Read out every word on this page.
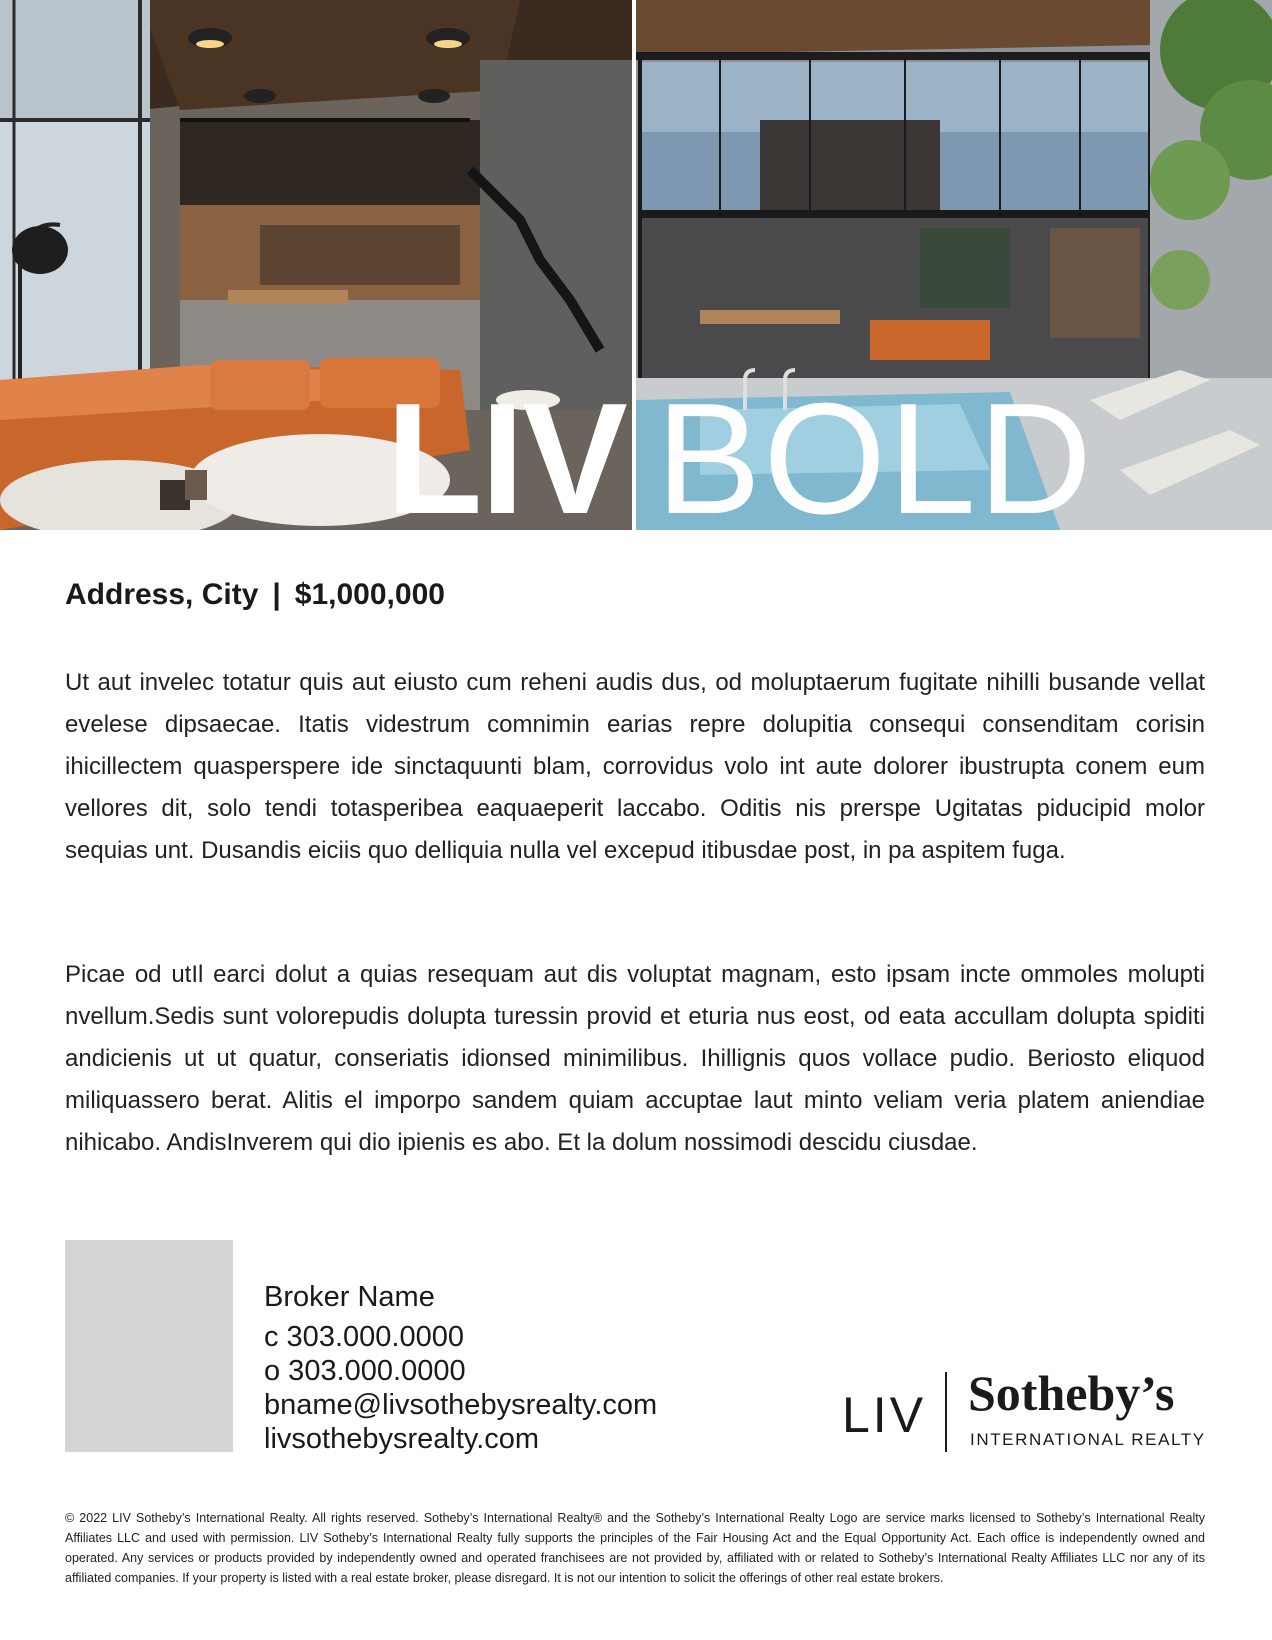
LIV BOLD
Address, City | $1,000,000

Ut aut invelec totatur quis aut eiusto cum reheni audis dus, od moluptaerum fugitate nihilli busande vellat evelese dipsaecae. Itatis videstrum comnimin earias repre dolupitia consequi consenditam corisin ihicillectem quasperspere ide sinctaquunti blam, corrovidus volo int aute dolorer ibustrupta conem eum vellores dit, solo tendi totasperibea eaquaeperit laccabo. Oditis nis prerspe Ugitatas piducipid molor sequias unt. Dusandis eiciis quo delliquia nulla vel excepud itibusdae post, in pa aspitem fuga.

Picae od utIl earci dolut a quias resequam aut dis voluptat magnam, esto ipsam incte ommoles molupti nvellum.Sedis sunt volorepudis dolupta turessin provid et eturia nus eost, od eata accullam dolupta spiditi andicienis ut ut quatur, conseriatis idionsed minimilibus. Ihillignis quos vollace pudio. Beriosto eliquod miliquassero berat. Alitis el imporpo sandem quiam accuptae laut minto veliam veria platem aniendiae nihicabo. AndisInverem qui dio ipienis es abo. Et la dolum nossimodi descidu ciusdae.

Broker Name
c 303.000.0000
o 303.000.0000
bname@livsothebysrealty.com
livsothebysrealty.com	LIV Sotheby’s
INTERNATIONAL REALTY

© 2022 LIV Sotheby’s International Realty. All rights reserved. Sotheby’s International Realty® and the Sotheby’s International Realty Logo are service marks licensed to Sotheby’s International Realty Affiliates LLC and used with permission. LIV Sotheby’s International Realty fully supports the principles of the Fair Housing Act and the Equal Opportunity Act. Each office is independently owned and operated. Any services or products provided by independently owned and operated franchisees are not provided by, affiliated with or related to Sotheby’s International Realty Affiliates LLC nor any of its affiliated companies. If your property is listed with a real estate broker, please disregard. It is not our intention to solicit the offerings of other real estate brokers.
